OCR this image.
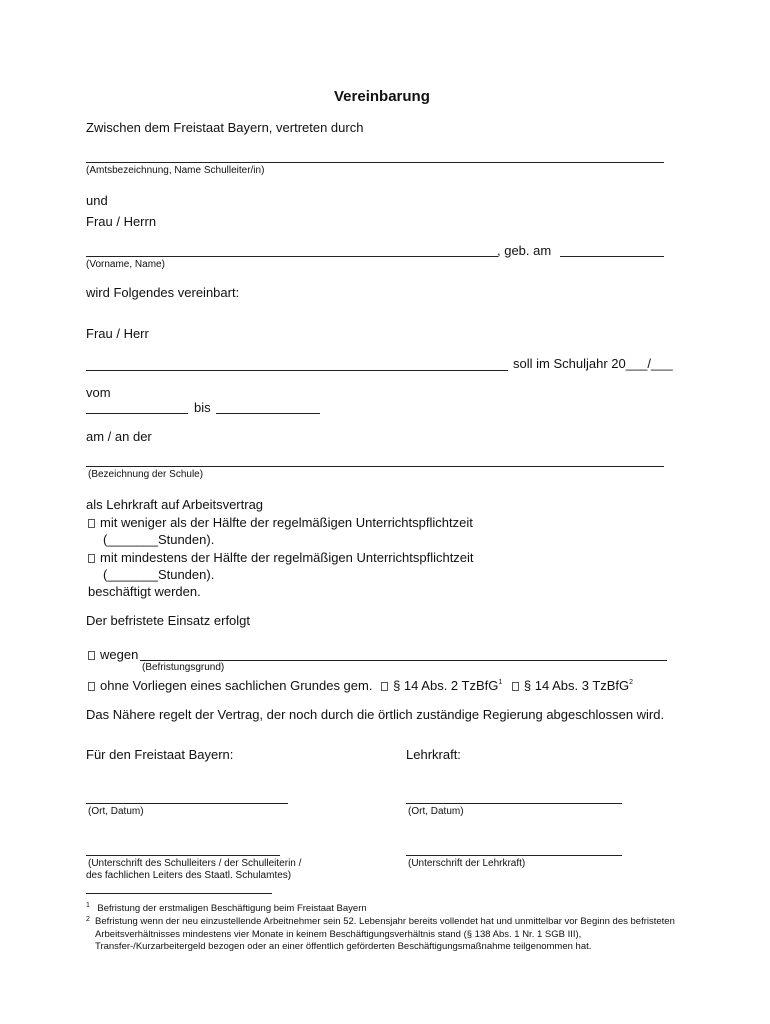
Vereinbarung
Zwischen dem Freistaat Bayern, vertreten durch
(Amtsbezeichnung, Name Schulleiter/in)
und
Frau / Herrn
, geb. am
(Vorname, Name)
wird Folgendes vereinbart:
Frau / Herr
soll im Schuljahr 20___/___
vom
bis
am / an der
(Bezeichnung der Schule)
als Lehrkraft auf Arbeitsvertrag
mit weniger als der Hälfte der regelmäßigen Unterrichtspflichtzeit
(_______Stunden).
mit mindestens der Hälfte der regelmäßigen Unterrichtspflichtzeit
(_______Stunden).
beschäftigt werden.
Der befristete Einsatz erfolgt
wegen
(Befristungsgrund)
ohne Vorliegen eines sachlichen Grundes gem. § 14 Abs. 2 TzBfG$^1$ § 14 Abs. 3 TzBfG$^2$
Das Nähere regelt der Vertrag, der noch durch die örtlich zuständige Regierung abgeschlossen wird.
Für den Freistaat Bayern:	Lehrkraft:
(Ort, Datum)	(Ort, Datum)
(Unterschrift des Schulleiters / der Schulleiterin /
des fachlichen Leiters des Staatl. Schulamtes)
(Unterschrift der Lehrkraft)
$^1$ Befristung der erstmaligen Beschäftigung beim Freistaat Bayern
2 Befristung wenn der neu einzustellende Arbeitnehmer sein 52. Lebensjahr bereits vollendet hat und unmittelbar vor Beginn des befristeten Arbeitsverhältnisses mindestens vier Monate in keinem Beschäftigungsverhältnis stand (§ 138 Abs. 1 Nr. 1 SGB III), Transfer-/Kurzarbeitergeld bezogen oder an einer öffentlich geförderten Beschäftigungsmaßnahme teilgenommen hat.
